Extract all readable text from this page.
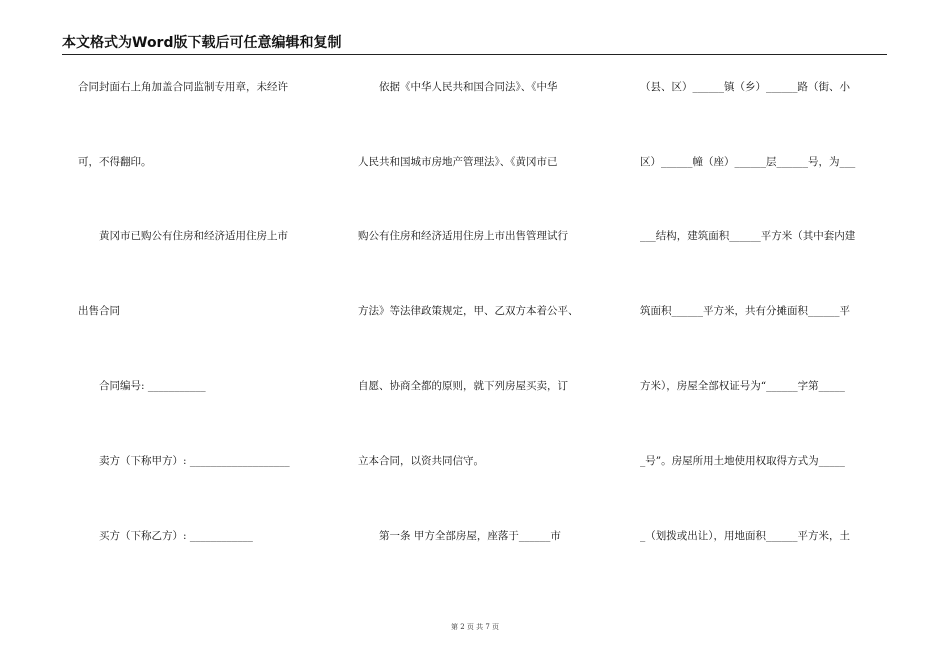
本文格式为Word版下载后可任意编辑和复制
合同封面右上角加盖合同监制专用章，未经许
可，不得翻印。
　　黄冈市已购公有住房和经济适用住房上市
出售合同
　　合同编号: ___________
　　卖方（下称甲方）: ___________________
　　买方（下称乙方）: ____________
　　依据《中华人民共和国合同法》、《中华
人民共和国城市房地产管理法》、《黄冈市已
购公有住房和经济适用住房上市出售管理试行
方法》等法律政策规定，甲、乙双方本着公平、
自愿、协商全都的原则，就下列房屋买卖，订
立本合同，以资共同信守。
　　第一条 甲方全部房屋，座落于______市
（县、区）______镇（乡）______路（街、小
区）______幢（座）______层______号，为___
___结构，建筑面积______平方米（其中套内建
筑面积______平方米，共有分摊面积______平
方米），房屋全部权证号为“______字第_____
_号”。房屋所用土地使用权取得方式为_____
_（划拨或出让），用地面积______平方米，土
第 2 页 共 7 页
